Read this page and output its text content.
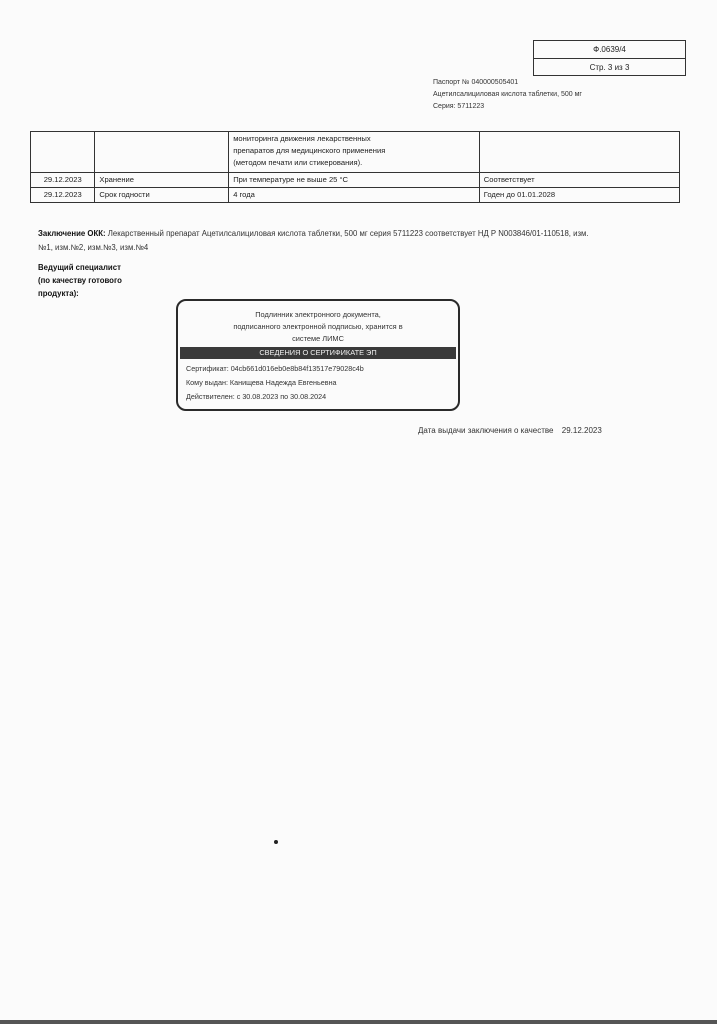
Ф.0639/4
Стр. 3 из 3
Паспорт № 040000505401
Ацетилсалициловая кислота таблетки, 500 мг
Серия: 5711223

		мониторинга движения лекарственных
препаратов для медицинского применения
(методом печати или стикерования).	

29.12.2023	Хранение	При температуре не выше 25 °С	Соответствует
29.12.2023	Срок годности	4 года	Годен до 01.01.2028
Заключение ОКК: Лекарственный препарат Ацетилсалициловая кислота таблетки, 500 мг серия 5711223 соответствует НД Р N003846/01-110518, изм.№1, изм.№2, изм.№3, изм.№4
Ведущий специалист (по качеству готового продукта):
Подлинник электронного документа,
подписанного электронной подписью, хранится в
системе ЛИМС
СВЕДЕНИЯ О СЕРТИФИКАТЕ ЭП
Сертификат: 04cb661d016eb0e8b84f13517e79028c4b
Кому выдан: Канищева Надежда Евгеньевна
Действителен: с 30.08.2023 по 30.08.2024
Дата выдачи заключения о качестве 29.12.2023
